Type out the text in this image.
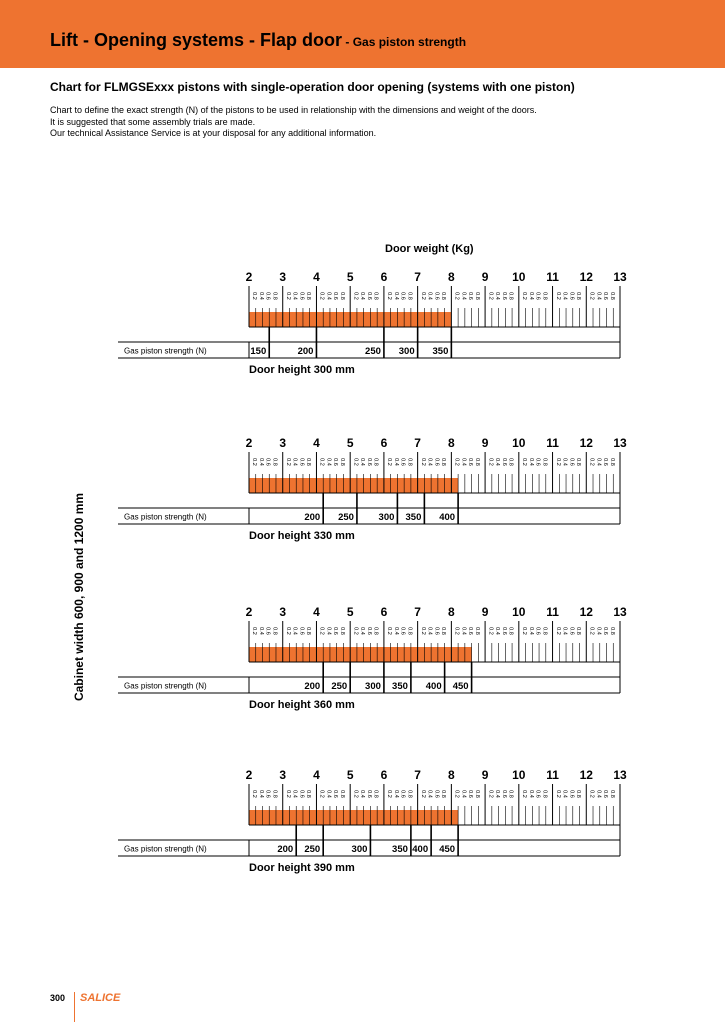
Lift - Opening systems - Flap door - Gas piston strength
Chart for FLMGSExxx pistons with single-operation door opening (systems with one piston)
Chart to define the exact strength (N) of the pistons to be used in relationship with the dimensions and weight of the doors.
It is suggested that some assembly trials are made.
Our technical Assistance Service is at your disposal for any additional information.
Door weight (Kg)
Cabinet width 600, 900 and 1200 mm
2 3 4 5 6 7 8 9 10 11 12 13
0.2 0.4 0.6 0.8 0.2 0.4 0.6 0.8 0.2 0.4 0.6 0.8 0.2 0.4 0.6 0.8 0.2 0.4 0.6 0.8 0.2 0.4 0.6 0.8 0.2 0.4 0.6 0.8 0.2 0.4 0.6 0.8 0.2 0.4 0.6 0.8 0.2 0.4 0.6 0.8 0.2 0.4 0.6 0.8
Gas piston strength (N)	150	200	250 300 350
Door height 300 mm
2 3 4 5 6 7 8 9 10 11 12 13
0.2 0.4 0.6 0.8 0.2 0.4 0.6 0.8 0.2 0.4 0.6 0.8 0.2 0.4 0.6 0.8 0.2 0.4 0.6 0.8 0.2 0.4 0.6 0.8 0.2 0.4 0.6 0.8 0.2 0.4 0.6 0.8 0.2 0.4 0.6 0.8 0.2 0.4 0.6 0.8 0.2 0.4 0.6 0.8
Gas piston strength (N)	200 250	300 350 400
Door height 330 mm
2 3 4 5 6 7 8 9 10 11 12 13
0.2 0.4 0.6 0.8 0.2 0.4 0.6 0.8 0.2 0.4 0.6 0.8 0.2 0.4 0.6 0.8 0.2 0.4 0.6 0.8 0.2 0.4 0.6 0.8 0.2 0.4 0.6 0.8 0.2 0.4 0.6 0.8 0.2 0.4 0.6 0.8 0.2 0.4 0.6 0.8 0.2 0.4 0.6 0.8
Gas piston strength (N)	200 250 300 350 400 450
Door height 360 mm
2 3 4 5 6 7 8 9 10 11 12 13
0.2 0.4 0.6 0.8 0.2 0.4 0.6 0.8 0.2 0.4 0.6 0.8 0.2 0.4 0.6 0.8 0.2 0.4 0.6 0.8 0.2 0.4 0.6 0.8 0.2 0.4 0.6 0.8 0.2 0.4 0.6 0.8 0.2 0.4 0.6 0.8 0.2 0.4 0.6 0.8 0.2 0.4 0.6 0.8
Gas piston strength (N)	200 250	300	350 400 450
Door height 390 mm
300 SALICE
